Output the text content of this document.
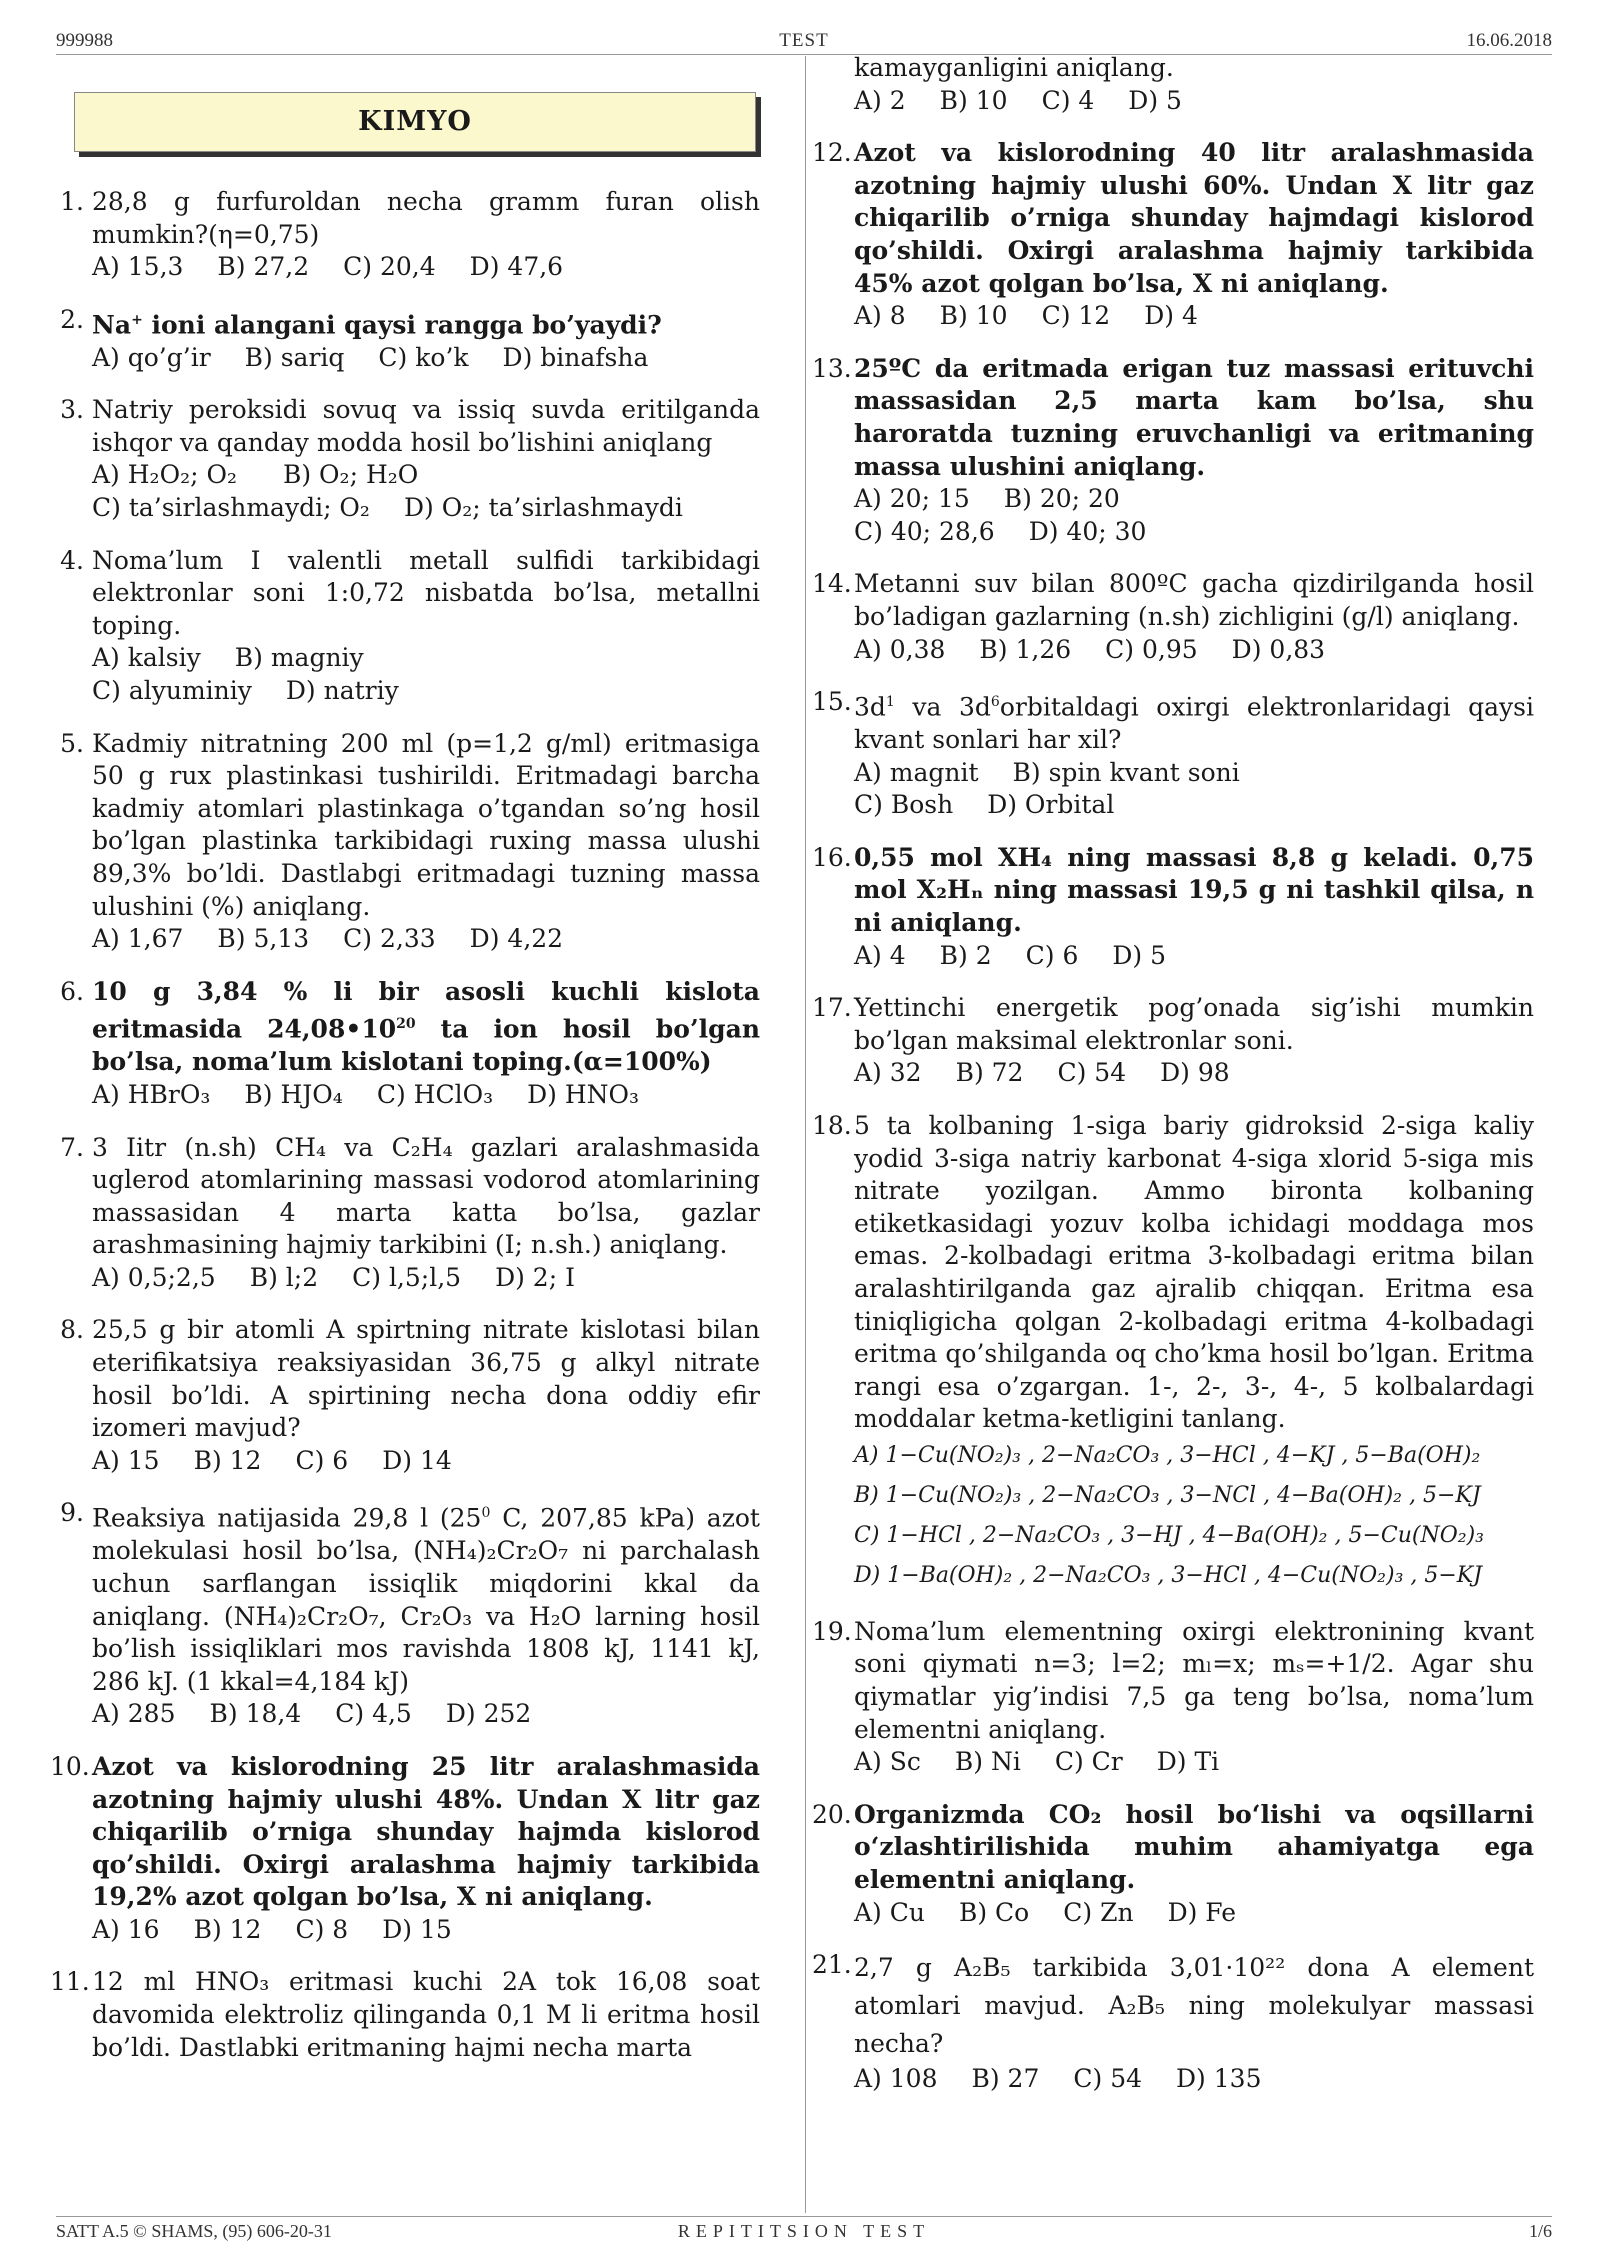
999988	TEST	16.06.2018
KIMYO
1. 28,8 g furfuroldan necha gramm furan olish mumkin?(η=0,75)
A) 15,3 B) 27,2 C) 20,4 D) 47,6
2. Na+ ioni alangani qaysi rangga bo’yaydi?
A) qo’g’ir B) sariq C) ko’k D) binafsha
3. Natriy peroksidi sovuq va issiq suvda eritilganda ishqor va qanday modda hosil bo’lishini aniqlang
A) H₂O₂; O₂ B) O₂; H₂O
C) ta’sirlashmaydi; O₂ D) O₂; ta’sirlashmaydi
4. Noma’lum I valentli metall sulfidi tarkibidagi elektronlar soni 1:0,72 nisbatda bo’lsa, metallni toping.
A) kalsiy B) magniy
C) alyuminiy D) natriy
5. Kadmiy nitratning 200 ml (p=1,2 g/ml) eritmasiga 50 g rux plastinkasi tushirildi. Eritmadagi barcha kadmiy atomlari plastinkaga o’tgandan so’ng hosil bo’lgan plastinka tarkibidagi ruxing massa ulushi 89,3% bo’ldi. Dastlabgi eritmadagi tuzning massa ulushini (%) aniqlang.
A) 1,67 B) 5,13 C) 2,33 D) 4,22
6. 10 g 3,84 % li bir asosli kuchli kislota eritmasida $24,08•10^{20}$ ta ion hosil bo’lgan bo’lsa, noma’lum kislotani toping.(α=100%)
A) HBrO₃ B) HJO₄ C) HClO₃ D) HNO₃
7. 3 Iitr (n.sh) CH₄ va C₂H₄ gazlari aralashmasida uglerod atomlarining massasi vodorod atomlarining massasidan 4 marta katta bo’lsa, gazlar arashmasining hajmiy tarkibini (I; n.sh.) aniqlang.
A) 0,5;2,5 B) l;2 C) l,5;l,5 D) 2; I
8. 25,5 g bir atomli A spirtning nitrate kislotasi bilan eterifikatsiya reaksiyasidan 36,75 g alkyl nitrate hosil bo’ldi. A spirtining necha dona oddiy efir izomeri mavjud?
A) 15 B) 12 C) 6 D) 14
9. Reaksiya natijasida 29,8 l ($25^0$ C, 207,85 kPa) azot molekulasi hosil bo’lsa, (NH₄)₂Cr₂O₇ ni parchalash uchun sarflangan issiqlik miqdorini kkal da aniqlang. (NH₄)₂Cr₂O₇, Cr₂O₃ va H₂O larning hosil bo’lish issiqliklari mos ravishda 1808 kJ, 1141 kJ, 286 kJ. (1 kkal=4,184 kJ)
A) 285 B) 18,4 C) 4,5 D) 252
10. Azot va kislorodning 25 litr aralashmasida azotning hajmiy ulushi 48%. Undan X litr gaz chiqarilib o’rniga shunday hajmda kislorod qo’shildi. Oxirgi aralashma hajmiy tarkibida 19,2% azot qolgan bo’lsa, X ni aniqlang.
A) 16 B) 12 C) 8 D) 15
11. 12 ml HNO₃ eritmasi kuchi 2A tok 16,08 soat davomida elektroliz qilinganda 0,1 M li eritma hosil bo’ldi. Dastlabki eritmaning hajmi necha marta
kamayganligini aniqlang.
A) 2 B) 10 C) 4 D) 5
12. Azot va kislorodning 40 litr aralashmasida azotning hajmiy ulushi 60%. Undan X litr gaz chiqarilib o’rniga shunday hajmdagi kislorod qo’shildi. Oxirgi aralashma hajmiy tarkibida 45% azot qolgan bo’lsa, X ni aniqlang.
A) 8 B) 10 C) 12 D) 4
13. 25ºC da eritmada erigan tuz massasi erituvchi massasidan 2,5 marta kam bo’lsa, shu haroratda tuzning eruvchanligi va eritmaning massa ulushini aniqlang.
A) 20; 15 B) 20; 20
C) 40; 28,6 D) 40; 30
14. Metanni suv bilan 800ºC gacha qizdirilganda hosil bo’ladigan gazlarning (n.sh) zichligini (g/l) aniqlang.
A) 0,38 B) 1,26 C) 0,95 D) 0,83
15. $3d^1$ va $3d^6orbitaldagi$ oxirgi elektronlaridagi qaysi kvant sonlari har xil?
A) magnit B) spin kvant soni
C) Bosh D) Orbital
16. 0,55 mol XH₄ ning massasi 8,8 g keladi. 0,75 mol X₂Hₙ ning massasi 19,5 g ni tashkil qilsa, n ni aniqlang.
A) 4 B) 2 C) 6 D) 5
17. Yettinchi energetik pog’onada sig’ishi mumkin bo’lgan maksimal elektronlar soni.
A) 32 B) 72 C) 54 D) 98
18. 5 ta kolbaning 1-siga bariy gidroksid 2-siga kaliy yodid 3-siga natriy karbonat 4-siga xlorid 5-siga mis nitrate yozilgan. Ammo bironta kolbaning etiketkasidagi yozuv kolba ichidagi moddaga mos emas. 2-kolbadagi eritma 3-kolbadagi eritma bilan aralashtirilganda gaz ajralib chiqqan. Eritma esa tiniqligicha qolgan 2-kolbadagi eritma 4-kolbadagi eritma qo’shilganda oq cho’kma hosil bo’lgan. Eritma rangi esa o’zgargan. 1-, 2-, 3-, 4-, 5 kolbalardagi moddalar ketma-ketligini tanlang.
A) 1−Cu(NO₂)₃ , 2−Na₂CO₃ , 3−HCl , 4−KJ , 5−Ba(OH)₂
B) 1−Cu(NO₂)₃ , 2−Na₂CO₃ , 3−NCl , 4−Ba(OH)₂ , 5−KJ
C) 1−HCl , 2−Na₂CO₃ , 3−HJ , 4−Ba(OH)₂ , 5−Cu(NO₂)₃
D) 1−Ba(OH)₂ , 2−Na₂CO₃ , 3−HCl , 4−Cu(NO₂)₃ , 5−KJ
19. Noma’lum elementning oxirgi elektronining kvant soni qiymati n=3; l=2; mₗ=x; mₛ=+1/2. Agar shu qiymatlar yig’indisi 7,5 ga teng bo’lsa, noma’lum elementni aniqlang.
A) Sc B) Ni C) Cr D) Ti
20. Organizmda CO₂ hosil bo‘lishi va oqsillarni o‘zlashtirilishida muhim ahamiyatga ega elementni aniqlang.
A) Cu B) Co C) Zn D) Fe
21. 2,7 g A₂B₅ tarkibida 3,01·10²² dona A element atomlari mavjud. A₂B₅ ning molekulyar massasi necha?
A) 108 B) 27 C) 54 D) 135
SATT A.5 © SHAMS, (95) 606-20-31	REPITITSION TEST	1/6
